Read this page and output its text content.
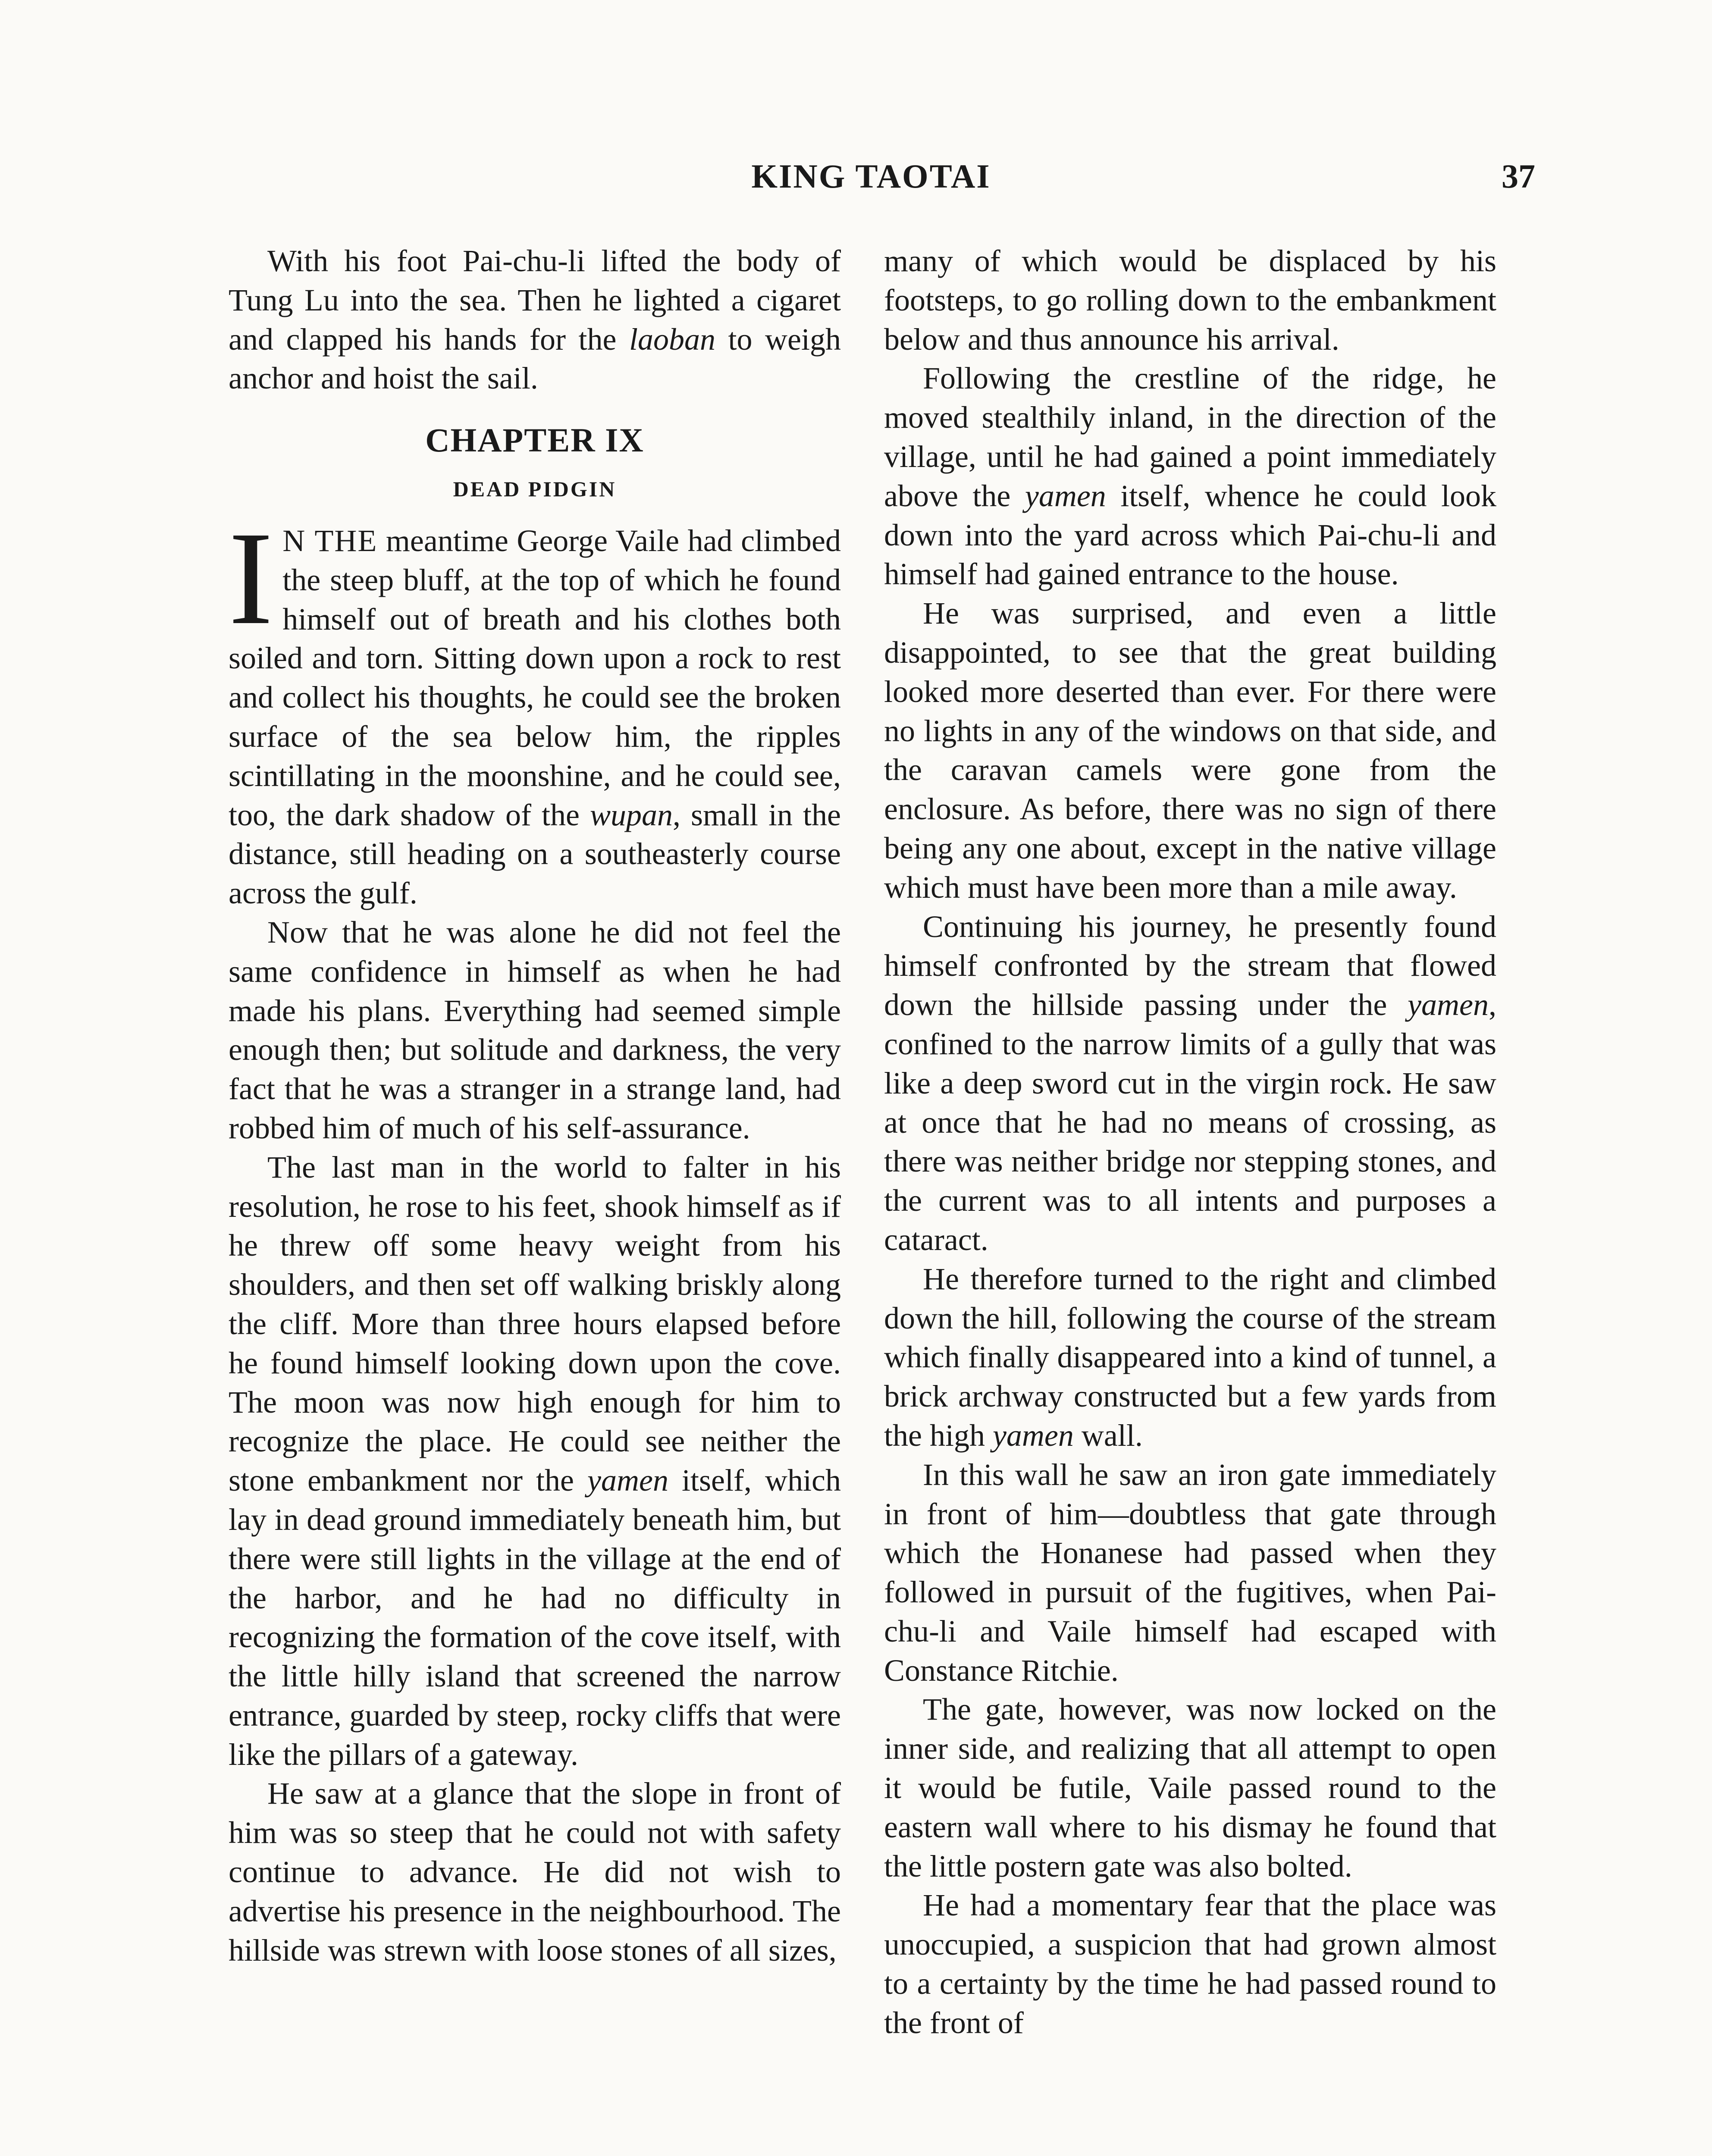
KING TAOTAI	37

With his foot Pai-chu-li lifted the body of Tung Lu into the sea. Then he lighted a cigaret and clapped his hands for the laoban to weigh anchor and hoist the sail.

CHAPTER IX
DEAD PIDGIN

I N THE meantime George Vaile had climbed the steep bluff, at the top of which he found himself out of breath and his clothes both soiled and torn. Sitting down upon a rock to rest and collect his thoughts, he could see the broken surface of the sea below him, the ripples scintillating in the moonshine, and he could see, too, the dark shadow of the wupan, small in the distance, still heading on a southeasterly course across the gulf.

Now that he was alone he did not feel the same confidence in himself as when he had made his plans. Everything had seemed simple enough then; but solitude and darkness, the very fact that he was a stranger in a strange land, had robbed him of much of his self-assurance.

The last man in the world to falter in his resolution, he rose to his feet, shook himself as if he threw off some heavy weight from his shoulders, and then set off walking briskly along the cliff. More than three hours elapsed before he found himself looking down upon the cove. The moon was now high enough for him to recognize the place. He could see neither the stone embankment nor the yamen itself, which lay in dead ground immediately beneath him, but there were still lights in the village at the end of the harbor, and he had no difficulty in recognizing the formation of the cove itself, with the little hilly island that screened the narrow entrance, guarded by steep, rocky cliffs that were like the pillars of a gateway.

He saw at a glance that the slope in front of him was so steep that he could not with safety continue to advance. He did not wish to advertise his presence in the neighbourhood. The hillside was strewn with loose stones of all sizes,

many of which would be displaced by his footsteps, to go rolling down to the embankment below and thus announce his arrival.

Following the crestline of the ridge, he moved stealthily inland, in the direction of the village, until he had gained a point immediately above the yamen itself, whence he could look down into the yard across which Pai-chu-li and himself had gained entrance to the house.

He was surprised, and even a little disappointed, to see that the great building looked more deserted than ever. For there were no lights in any of the windows on that side, and the caravan camels were gone from the enclosure. As before, there was no sign of there being any one about, except in the native village which must have been more than a mile away.

Continuing his journey, he presently found himself confronted by the stream that flowed down the hillside passing under the yamen, confined to the narrow limits of a gully that was like a deep sword cut in the virgin rock. He saw at once that he had no means of crossing, as there was neither bridge nor stepping stones, and the current was to all intents and purposes a cataract.

He therefore turned to the right and climbed down the hill, following the course of the stream which finally disappeared into a kind of tunnel, a brick archway constructed but a few yards from the high yamen wall.

In this wall he saw an iron gate immediately in front of him—doubtless that gate through which the Honanese had passed when they followed in pursuit of the fugitives, when Pai-chu-li and Vaile himself had escaped with Constance Ritchie.

The gate, however, was now locked on the inner side, and realizing that all attempt to open it would be futile, Vaile passed round to the eastern wall where to his dismay he found that the little postern gate was also bolted.

He had a momentary fear that the place was unoccupied, a suspicion that had grown almost to a certainty by the time he had passed round to the front of
